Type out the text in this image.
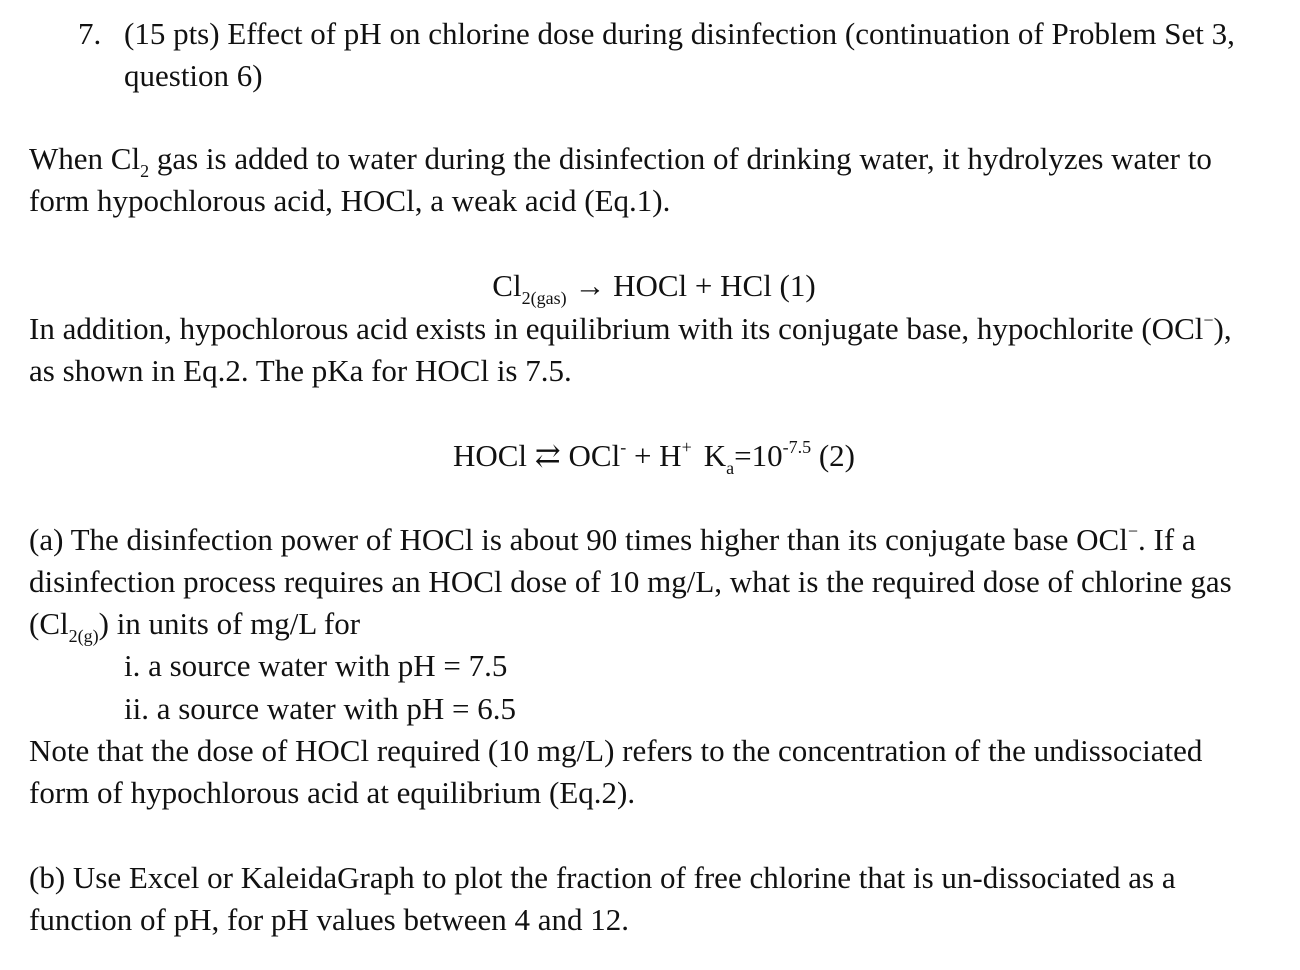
7. (15 pts) Effect of pH on chlorine dose during disinfection (continuation of Problem Set 3,
question 6)
When $Cl_2$ gas is added to water during the disinfection of drinking water, it hydrolyzes water to
form hypochlorous acid, HOCl, a weak acid (Eq.1).
$Cl_{2(gas)}$ → HOCl + HCl (1)
In addition, hypochlorous acid exists in equilibrium with its conjugate base, hypochlorite (OCl−),
as shown in Eq.2. The pKa for HOCl is 7.5.
HOCl ⇄ OCl- + H+ $K_a=10^{-7.5}$ (2)
(a) The disinfection power of HOCl is about 90 times higher than its conjugate base OCl−. If a
disinfection process requires an HOCl dose of 10 mg/L, what is the required dose of chlorine gas
$(Cl_{2(g)})$ in units of mg/L for
i. a source water with pH = 7.5
ii. a source water with pH = 6.5
Note that the dose of HOCl required (10 mg/L) refers to the concentration of the undissociated
form of hypochlorous acid at equilibrium (Eq.2).
(b) Use Excel or KaleidaGraph to plot the fraction of free chlorine that is un-dissociated as a
function of pH, for pH values between 4 and 12.
